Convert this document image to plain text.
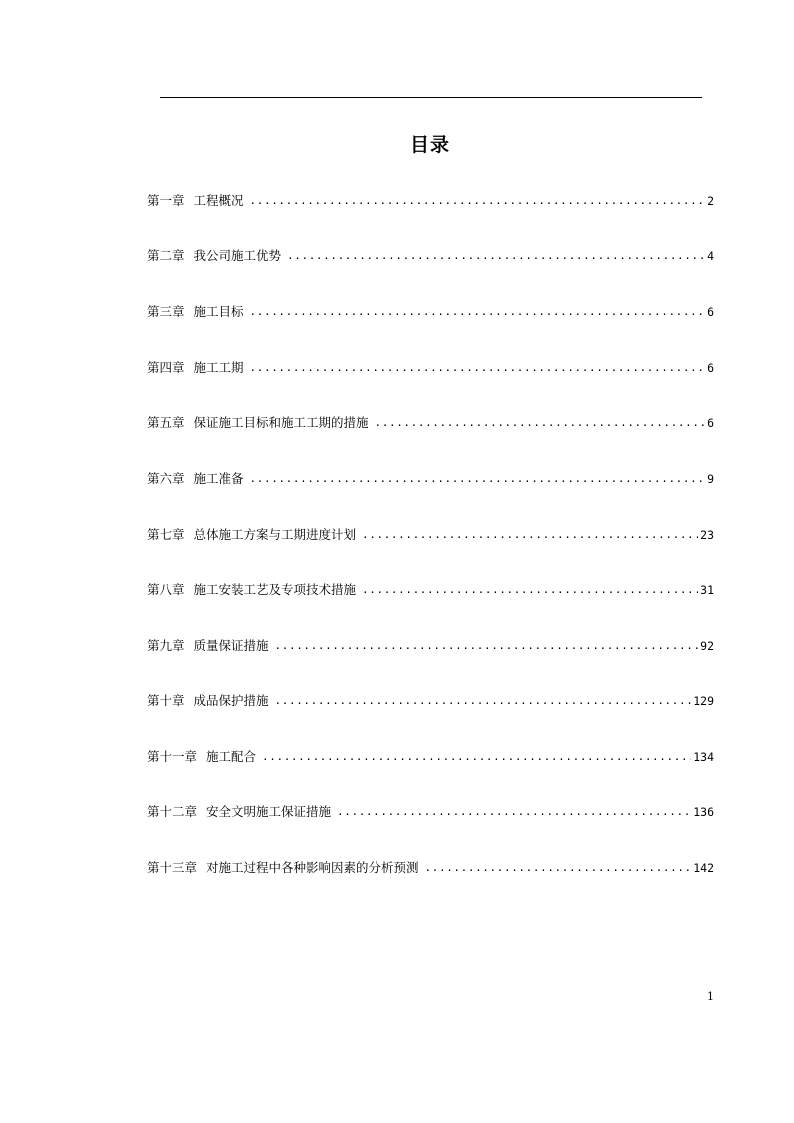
目录
第一章 工程概况 .....	2
第二章 我公司施工优势 .....	4
第三章 施工目标 .....	6
第四章 施工工期 .....	6
第五章 保证施工目标和施工工期的措施 .....	6
第六章 施工准备 .....	9
第七章 总体施工方案与工期进度计划 .....	23
第八章 施工安装工艺及专项技术措施 .....	31
第九章 质量保证措施 .....	92
第十章 成品保护措施 .....	129
第十一章 施工配合 .....	134
第十二章 安全文明施工保证措施 .....	136
第十三章 对施工过程中各种影响因素的分析预测 .....	142
1
